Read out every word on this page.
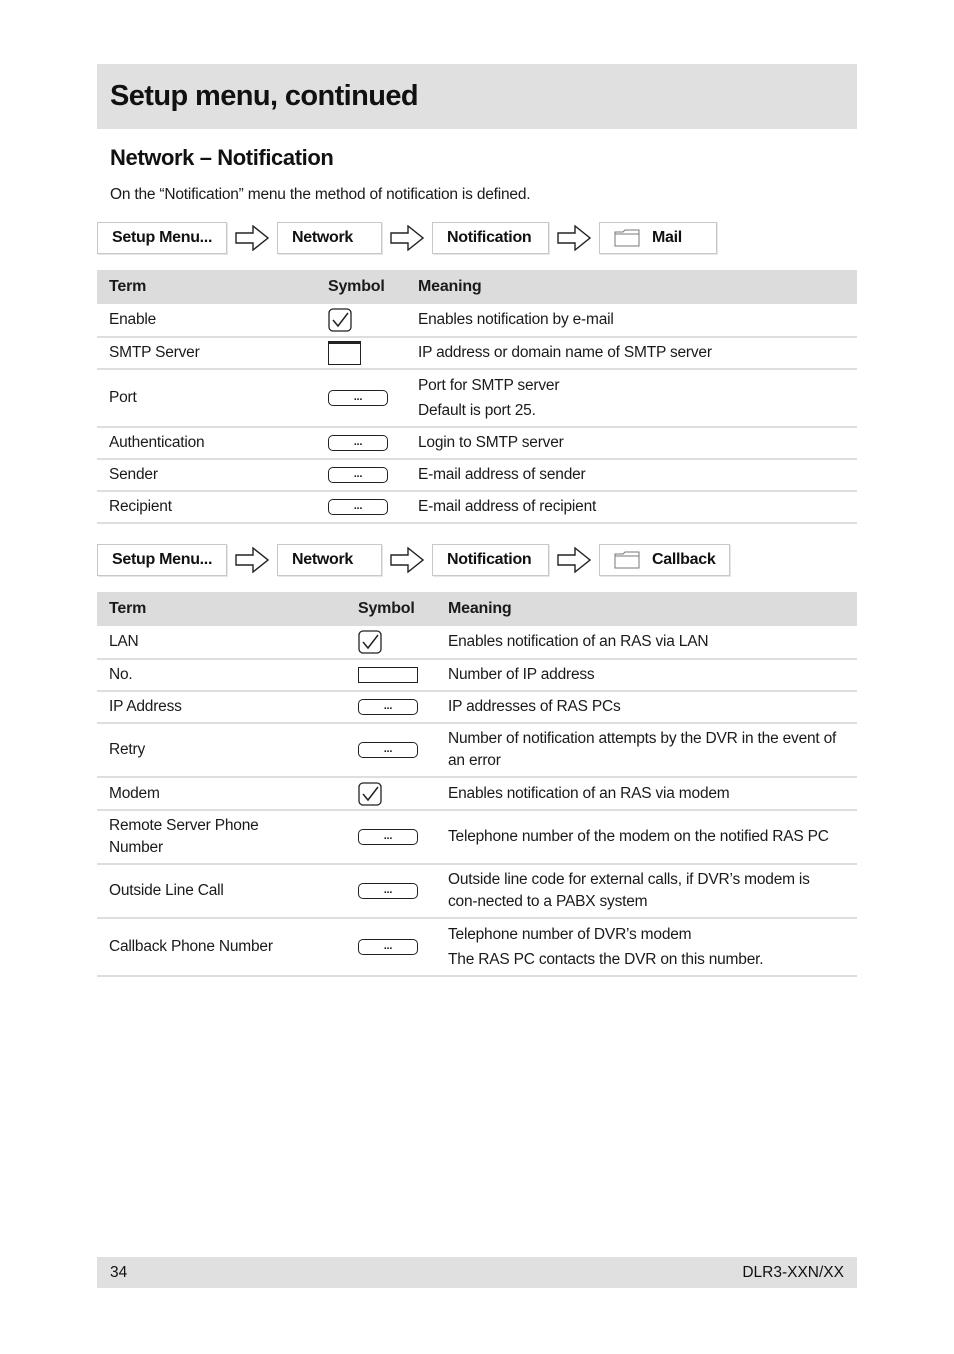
Setup menu, continued
Network – Notification
On the “Notification” menu the method of notification is defined.
Setup Menu...	Network	Notification	Mail
Term	Symbol	Meaning
Enable		Enables notification by e-mail

SMTP Server		IP address or domain name of SMTP server

Port	...	Port for SMTP server
Default is port 25.

Authentication	...	Login to SMTP server

Sender	...	E-mail address of sender

Recipient	...	E-mail address of recipient
Setup Menu...	Network	Notification	Callback
Term	Symbol	Meaning
LAN		Enables notification of an RAS via LAN

No.		Number of IP address

IP Address	...	IP addresses of RAS PCs

Retry	...	Number of notification attempts by the DVR in the event of an error

Modem		Enables notification of an RAS via modem

Remote Server Phone Number	...	Telephone number of the modem on the notified RAS PC

Outside Line Call	...	Outside line code for external calls, if DVR’s modem is con-nected to a PABX system

Callback Phone Number	...	Telephone number of DVR’s modem
The RAS PC contacts the DVR on this number.
34	DLR3-XXN/XX
